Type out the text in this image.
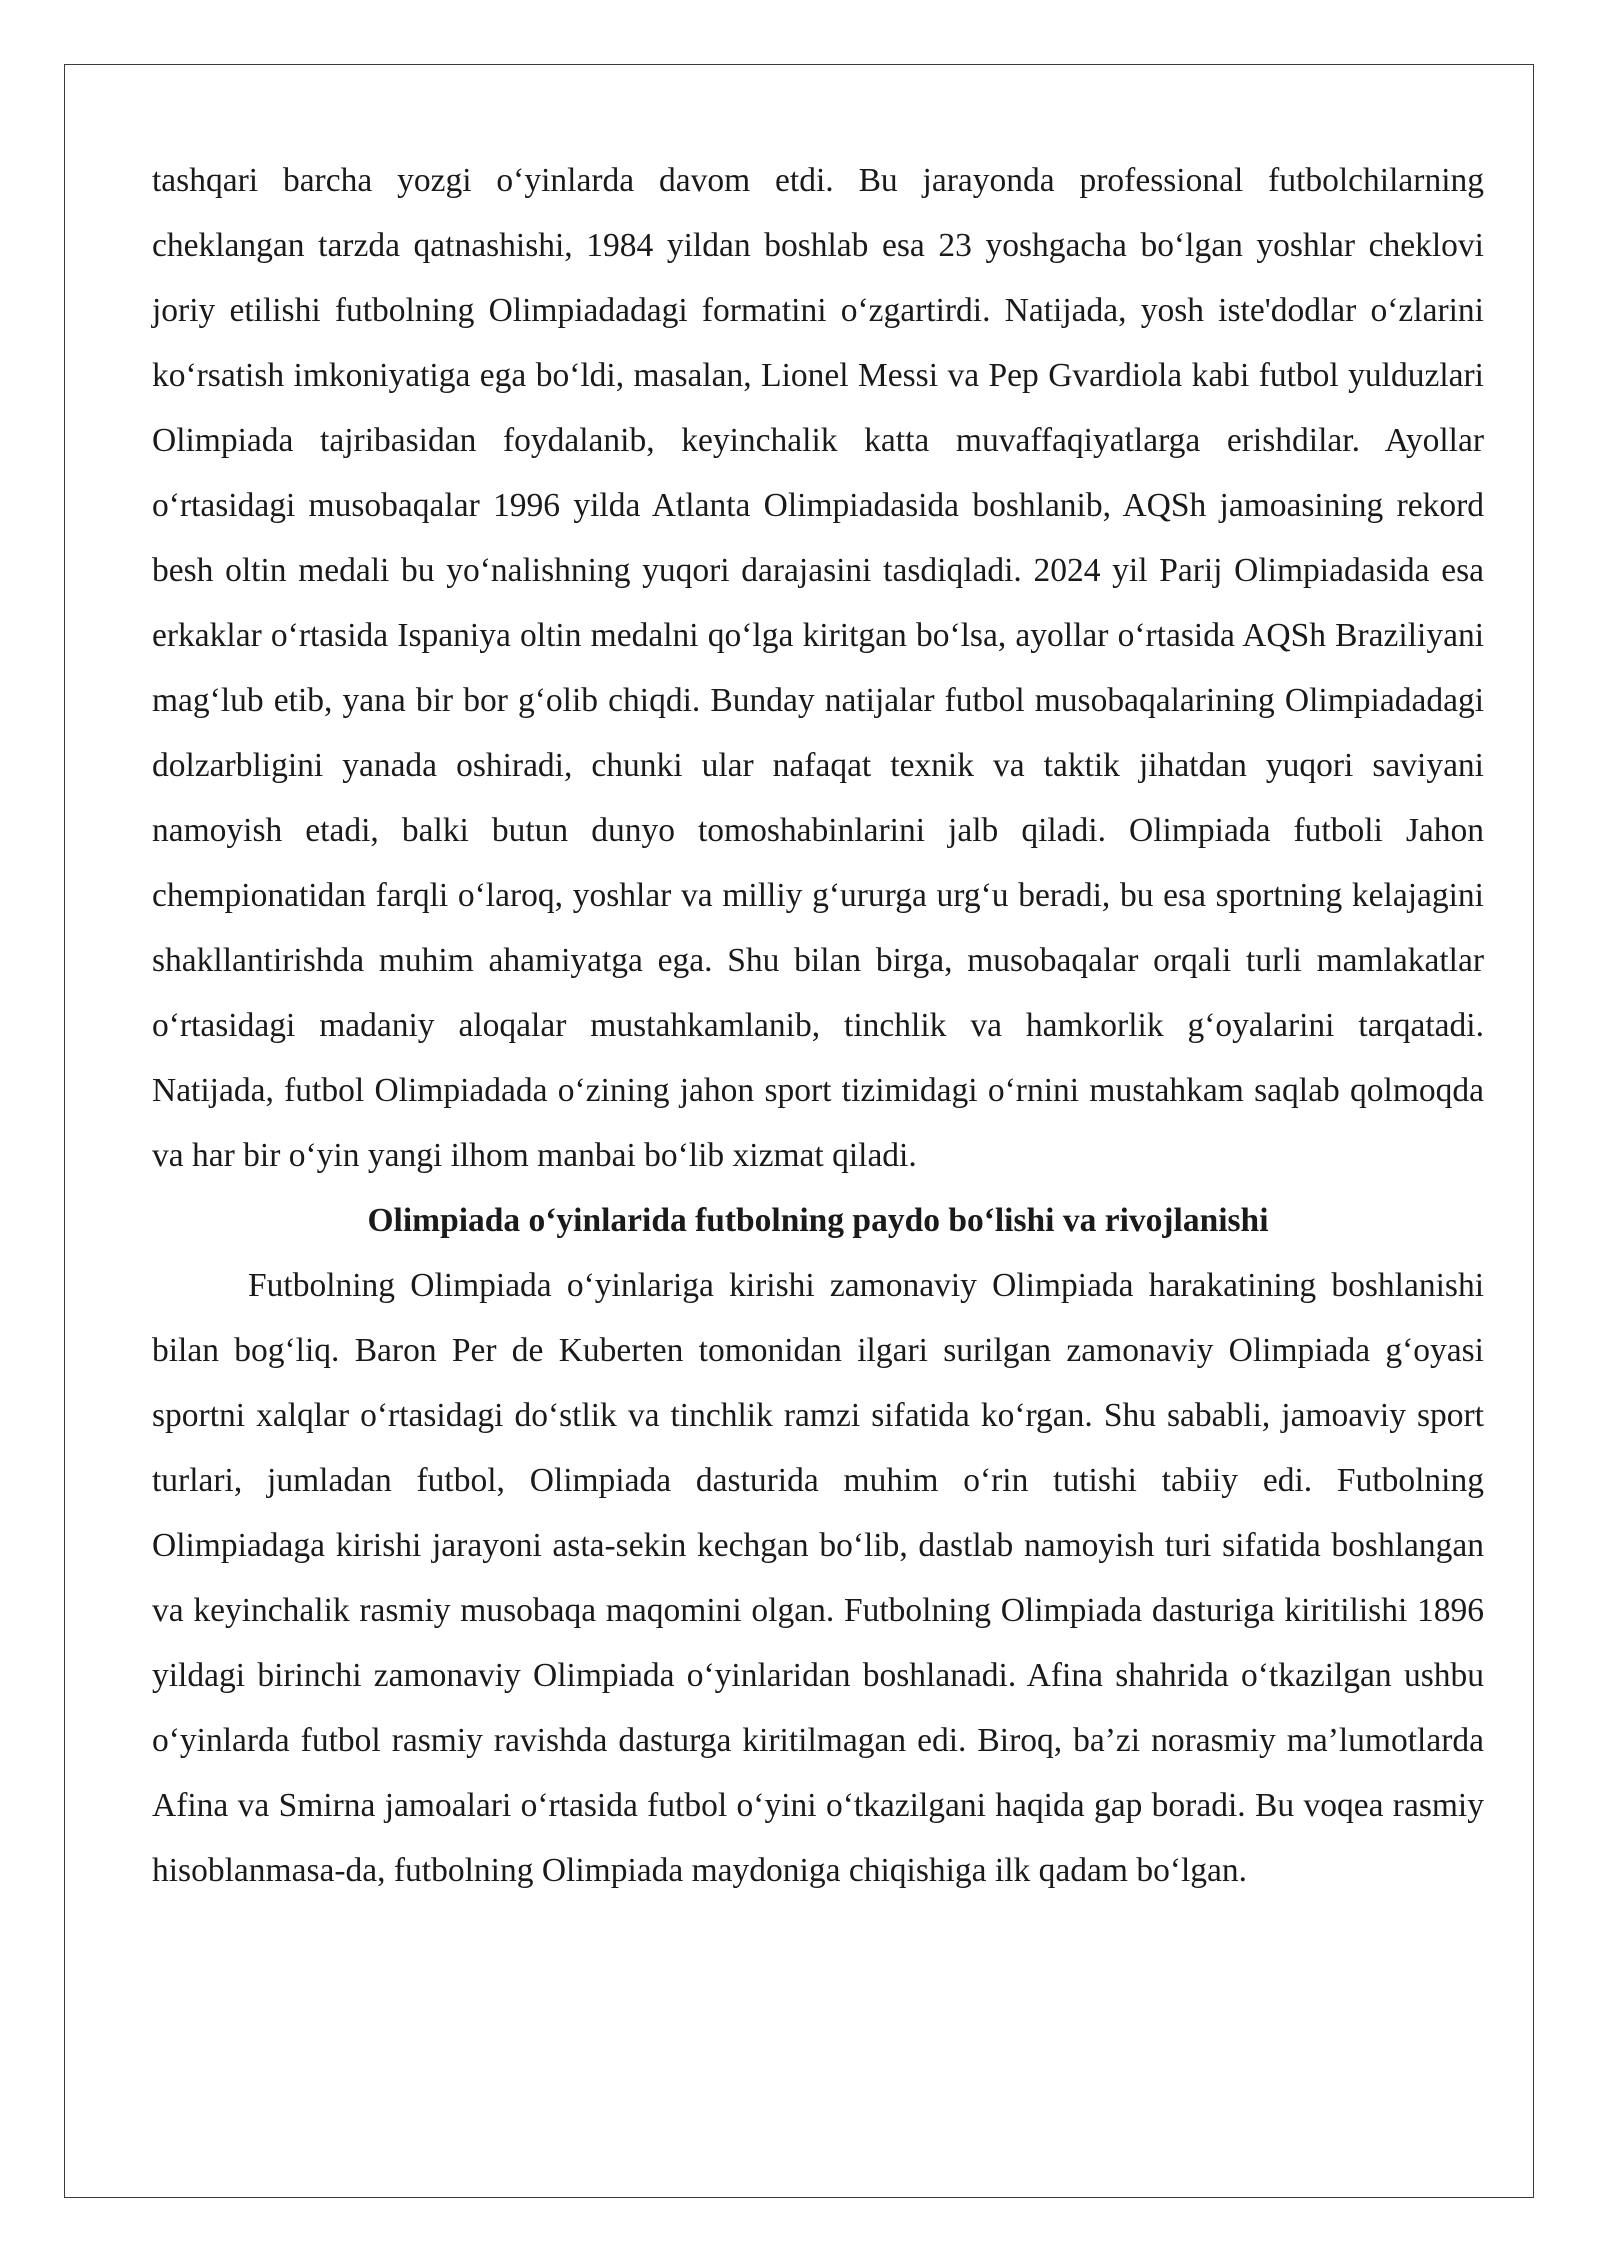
tashqari barcha yozgi o‘yinlarda davom etdi. Bu jarayonda professional futbolchilarning cheklangan tarzda qatnashishi, 1984 yildan boshlab esa 23 yoshgacha bo‘lgan yoshlar cheklovi joriy etilishi futbolning Olimpiadadagi formatini o‘zgartirdi. Natijada, yosh iste'dodlar o‘zlarini ko‘rsatish imkoniyatiga ega bo‘ldi, masalan, Lionel Messi va Pep Gvardiola kabi futbol yulduzlari Olimpiada tajribasidan foydalanib, keyinchalik katta muvaffaqiyatlarga erishdilar. Ayollar o‘rtasidagi musobaqalar 1996 yilda Atlanta Olimpiadasida boshlanib, AQSh jamoasining rekord besh oltin medali bu yo‘nalishning yuqori darajasini tasdiqladi. 2024 yil Parij Olimpiadasida esa erkaklar o‘rtasida Ispaniya oltin medalni qo‘lga kiritgan bo‘lsa, ayollar o‘rtasida AQSh Braziliyani mag‘lub etib, yana bir bor g‘olib chiqdi. Bunday natijalar futbol musobaqalarining Olimpiadadagi dolzarbligini yanada oshiradi, chunki ular nafaqat texnik va taktik jihatdan yuqori saviyani namoyish etadi, balki butun dunyo tomoshabinlarini jalb qiladi. Olimpiada futboli Jahon chempionatidan farqli o‘laroq, yoshlar va milliy g‘ururga urg‘u beradi, bu esa sportning kelajagini shakllantirishda muhim ahamiyatga ega. Shu bilan birga, musobaqalar orqali turli mamlakatlar o‘rtasidagi madaniy aloqalar mustahkamlanib, tinchlik va hamkorlik g‘oyalarini tarqatadi. Natijada, futbol Olimpiadada o‘zining jahon sport tizimidagi o‘rnini mustahkam saqlab qolmoqda va har bir o‘yin yangi ilhom manbai bo‘lib xizmat qiladi.

Olimpiada o‘yinlarida futbolning paydo bo‘lishi va rivojlanishi

Futbolning Olimpiada o‘yinlariga kirishi zamonaviy Olimpiada harakatining boshlanishi bilan bog‘liq. Baron Per de Kuberten tomonidan ilgari surilgan zamonaviy Olimpiada g‘oyasi sportni xalqlar o‘rtasidagi do‘stlik va tinchlik ramzi sifatida ko‘rgan. Shu sababli, jamoaviy sport turlari, jumladan futbol, Olimpiada dasturida muhim o‘rin tutishi tabiiy edi. Futbolning Olimpiadaga kirishi jarayoni asta-sekin kechgan bo‘lib, dastlab namoyish turi sifatida boshlangan va keyinchalik rasmiy musobaqa maqomini olgan. Futbolning Olimpiada dasturiga kiritilishi 1896 yildagi birinchi zamonaviy Olimpiada o‘yinlaridan boshlanadi. Afina shahrida o‘tkazilgan ushbu o‘yinlarda futbol rasmiy ravishda dasturga kiritilmagan edi. Biroq, ba’zi norasmiy ma’lumotlarda Afina va Smirna jamoalari o‘rtasida futbol o‘yini o‘tkazilgani haqida gap boradi. Bu voqea rasmiy hisoblanmasa-da, futbolning Olimpiada maydoniga chiqishiga ilk qadam bo‘lgan.
